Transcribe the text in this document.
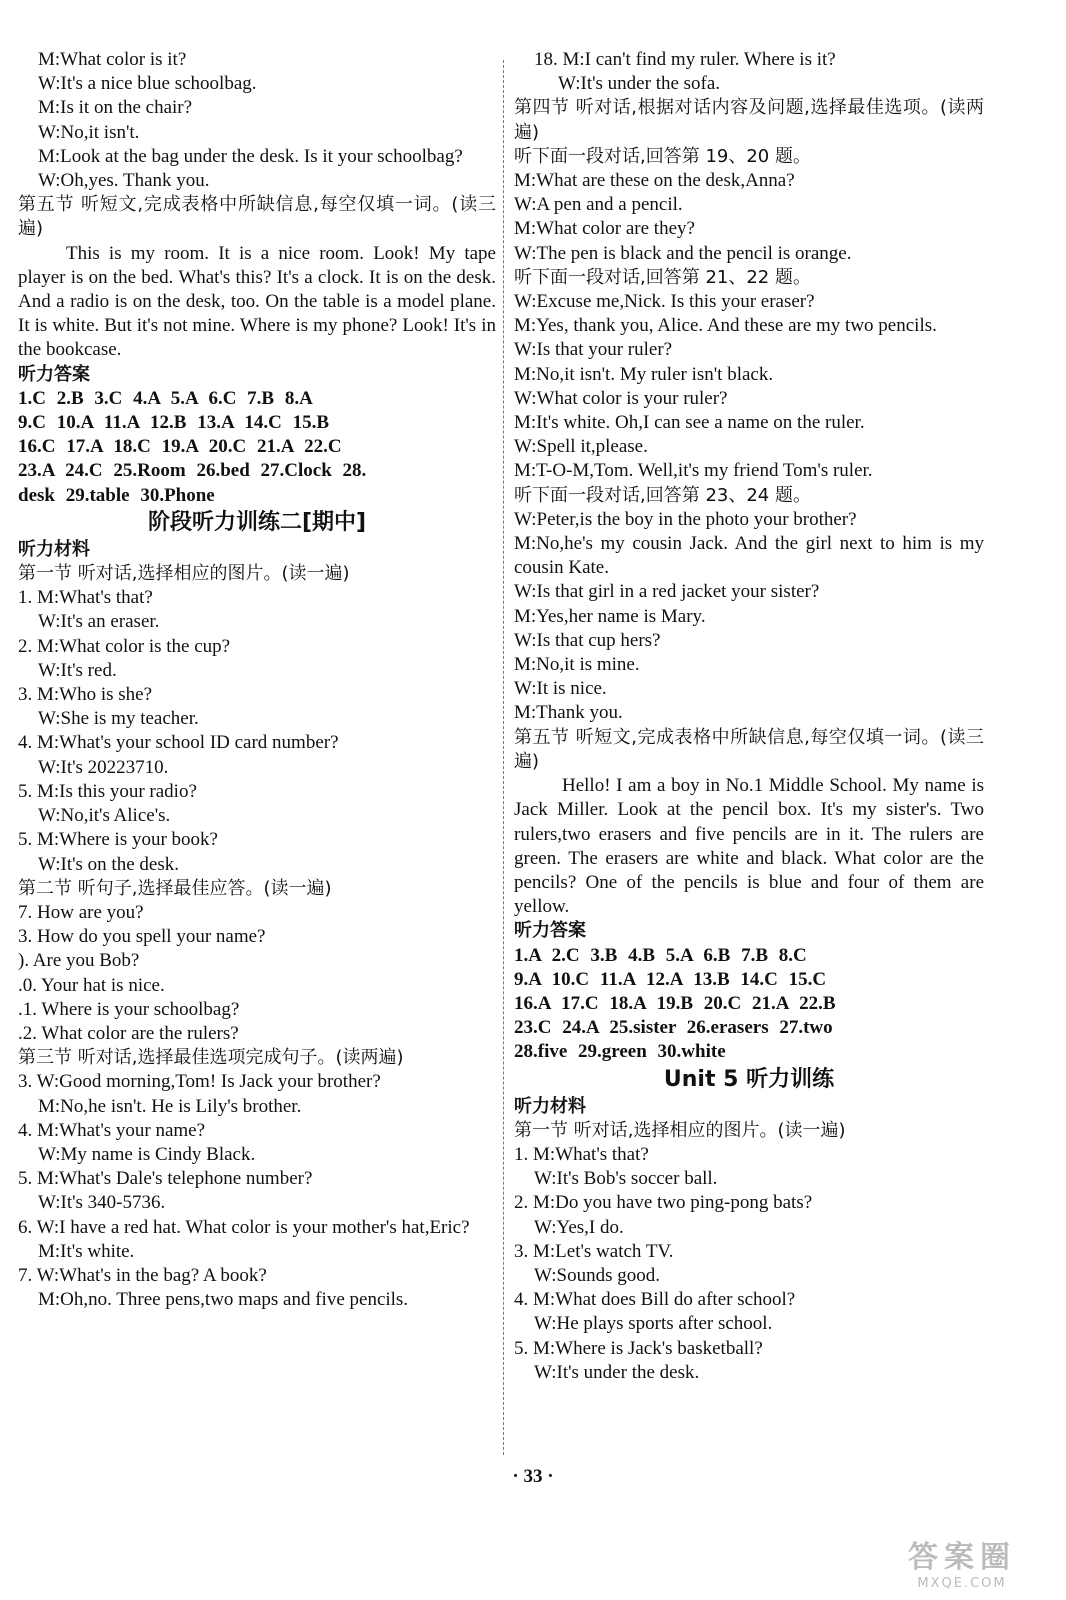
M:What color is it?
W:It's a nice blue schoolbag.
M:Is it on the chair?
W:No,it isn't.
M:Look at the bag under the desk. Is it your schoolbag?
W:Oh,yes. Thank you.
第五节 听短文,完成表格中所缺信息,每空仅填一词。(读三遍)
This is my room. It is a nice room. Look! My tape player is on the bed. What's this? It's a clock. It is on the desk. And a radio is on the desk, too. On the table is a model plane. It is white. But it's not mine. Where is my phone? Look! It's in the bookcase.
听力答案
1.C 2.B 3.C 4.A 5.A 6.C 7.B 8.A
9.C 10.A 11.A 12.B 13.A 14.C 15.B
16.C 17.A 18.C 19.A 20.C 21.A 22.C
23.A 24.C 25.Room 26.bed 27.Clock 28.
desk 29.table 30.Phone
阶段听力训练二[期中]
听力材料
第一节 听对话,选择相应的图片。(读一遍)
1. M:What's that?
W:It's an eraser.
2. M:What color is the cup?
W:It's red.
3. M:Who is she?
W:She is my teacher.
4. M:What's your school ID card number?
W:It's 20223710.
5. M:Is this your radio?
W:No,it's Alice's.
5. M:Where is your book?
W:It's on the desk.
第二节 听句子,选择最佳应答。(读一遍)
7. How are you?
3. How do you spell your name?
). Are you Bob?
.0. Your hat is nice.
.1. Where is your schoolbag?
.2. What color are the rulers?
第三节 听对话,选择最佳选项完成句子。(读两遍)
3. W:Good morning,Tom! Is Jack your brother?
M:No,he isn't. He is Lily's brother.
4. M:What's your name?
W:My name is Cindy Black.
5. M:What's Dale's telephone number?
W:It's 340-5736.
6. W:I have a red hat. What color is your mother's hat,Eric?
M:It's white.
7. W:What's in the bag? A book?
M:Oh,no. Three pens,two maps and five pencils.
18. M:I can't find my ruler. Where is it?
W:It's under the sofa.
第四节 听对话,根据对话内容及问题,选择最佳选项。(读两遍)
听下面一段对话,回答第 19、20 题。
M:What are these on the desk,Anna?
W:A pen and a pencil.
M:What color are they?
W:The pen is black and the pencil is orange.
听下面一段对话,回答第 21、22 题。
W:Excuse me,Nick. Is this your eraser?
M:Yes, thank you, Alice. And these are my two pencils.
W:Is that your ruler?
M:No,it isn't. My ruler isn't black.
W:What color is your ruler?
M:It's white. Oh,I can see a name on the ruler.
W:Spell it,please.
M:T-O-M,Tom. Well,it's my friend Tom's ruler.
听下面一段对话,回答第 23、24 题。
W:Peter,is the boy in the photo your brother?
M:No,he's my cousin Jack. And the girl next to him is my cousin Kate.
W:Is that girl in a red jacket your sister?
M:Yes,her name is Mary.
W:Is that cup hers?
M:No,it is mine.
W:It is nice.
M:Thank you.
第五节 听短文,完成表格中所缺信息,每空仅填一词。(读三遍)
Hello! I am a boy in No.1 Middle School. My name is Jack Miller. Look at the pencil box. It's my sister's. Two rulers,two erasers and five pencils are in it. The rulers are green. The erasers are white and black. What color are the pencils? One of the pencils is blue and four of them are yellow.
听力答案
1.A 2.C 3.B 4.B 5.A 6.B 7.B 8.C
9.A 10.C 11.A 12.A 13.B 14.C 15.C
16.A 17.C 18.A 19.B 20.C 21.A 22.B
23.C 24.A 25.sister 26.erasers 27.two
28.five 29.green 30.white
Unit 5 听力训练
听力材料
第一节 听对话,选择相应的图片。(读一遍)
1. M:What's that?
W:It's Bob's soccer ball.
2. M:Do you have two ping-pong bats?
W:Yes,I do.
3. M:Let's watch TV.
W:Sounds good.
4. M:What does Bill do after school?
W:He plays sports after school.
5. M:Where is Jack's basketball?
W:It's under the desk.
· 33 ·
答案圈
MXQE.COM
